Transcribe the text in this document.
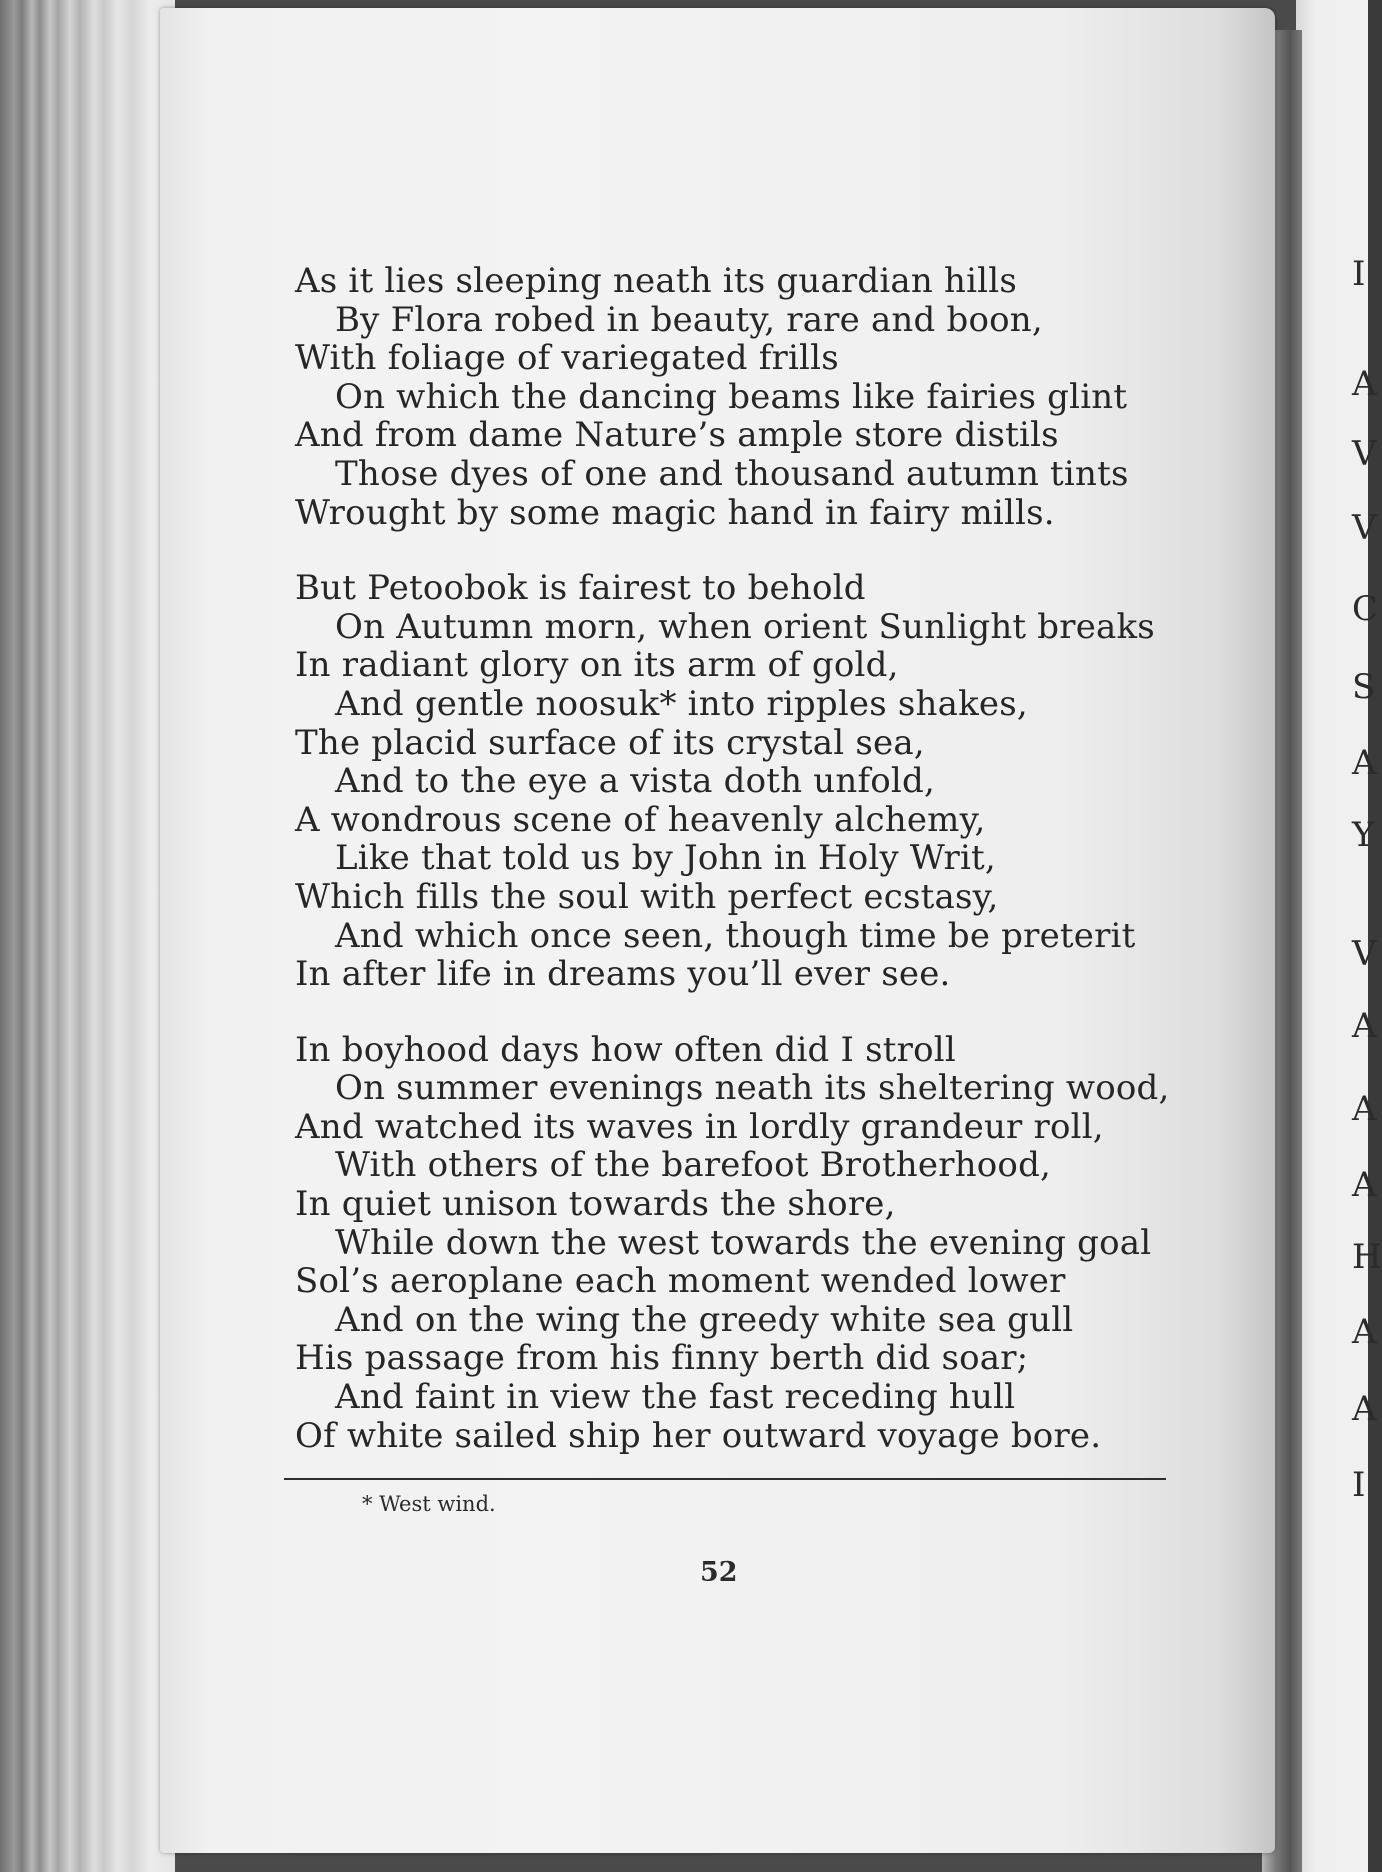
As it lies sleeping neath its guardian hills
By Flora robed in beauty, rare and boon,
With foliage of variegated frills
On which the dancing beams like fairies glint
And from dame Nature’s ample store distils
Those dyes of one and thousand autumn tints
Wrought by some magic hand in fairy mills.
But Petoobok is fairest to behold
On Autumn morn, when orient Sunlight breaks
In radiant glory on its arm of gold,
And gentle noosuk* into ripples shakes,
The placid surface of its crystal sea,
And to the eye a vista doth unfold,
A wondrous scene of heavenly alchemy,
Like that told us by John in Holy Writ,
Which fills the soul with perfect ecstasy,
And which once seen, though time be preterit
In after life in dreams you’ll ever see.
In boyhood days how often did I stroll
On summer evenings neath its sheltering wood,
And watched its waves in lordly grandeur roll,
With others of the barefoot Brotherhood,
In quiet unison towards the shore,
While down the west towards the evening goal
Sol’s aeroplane each moment wended lower
And on the wing the greedy white sea gull
His passage from his finny berth did soar;
And faint in view the fast receding hull
Of white sailed ship her outward voyage bore.
* West wind.
52
I
A
V
V
C
S
A
Y
V
A
A
A
H
A
A
I
